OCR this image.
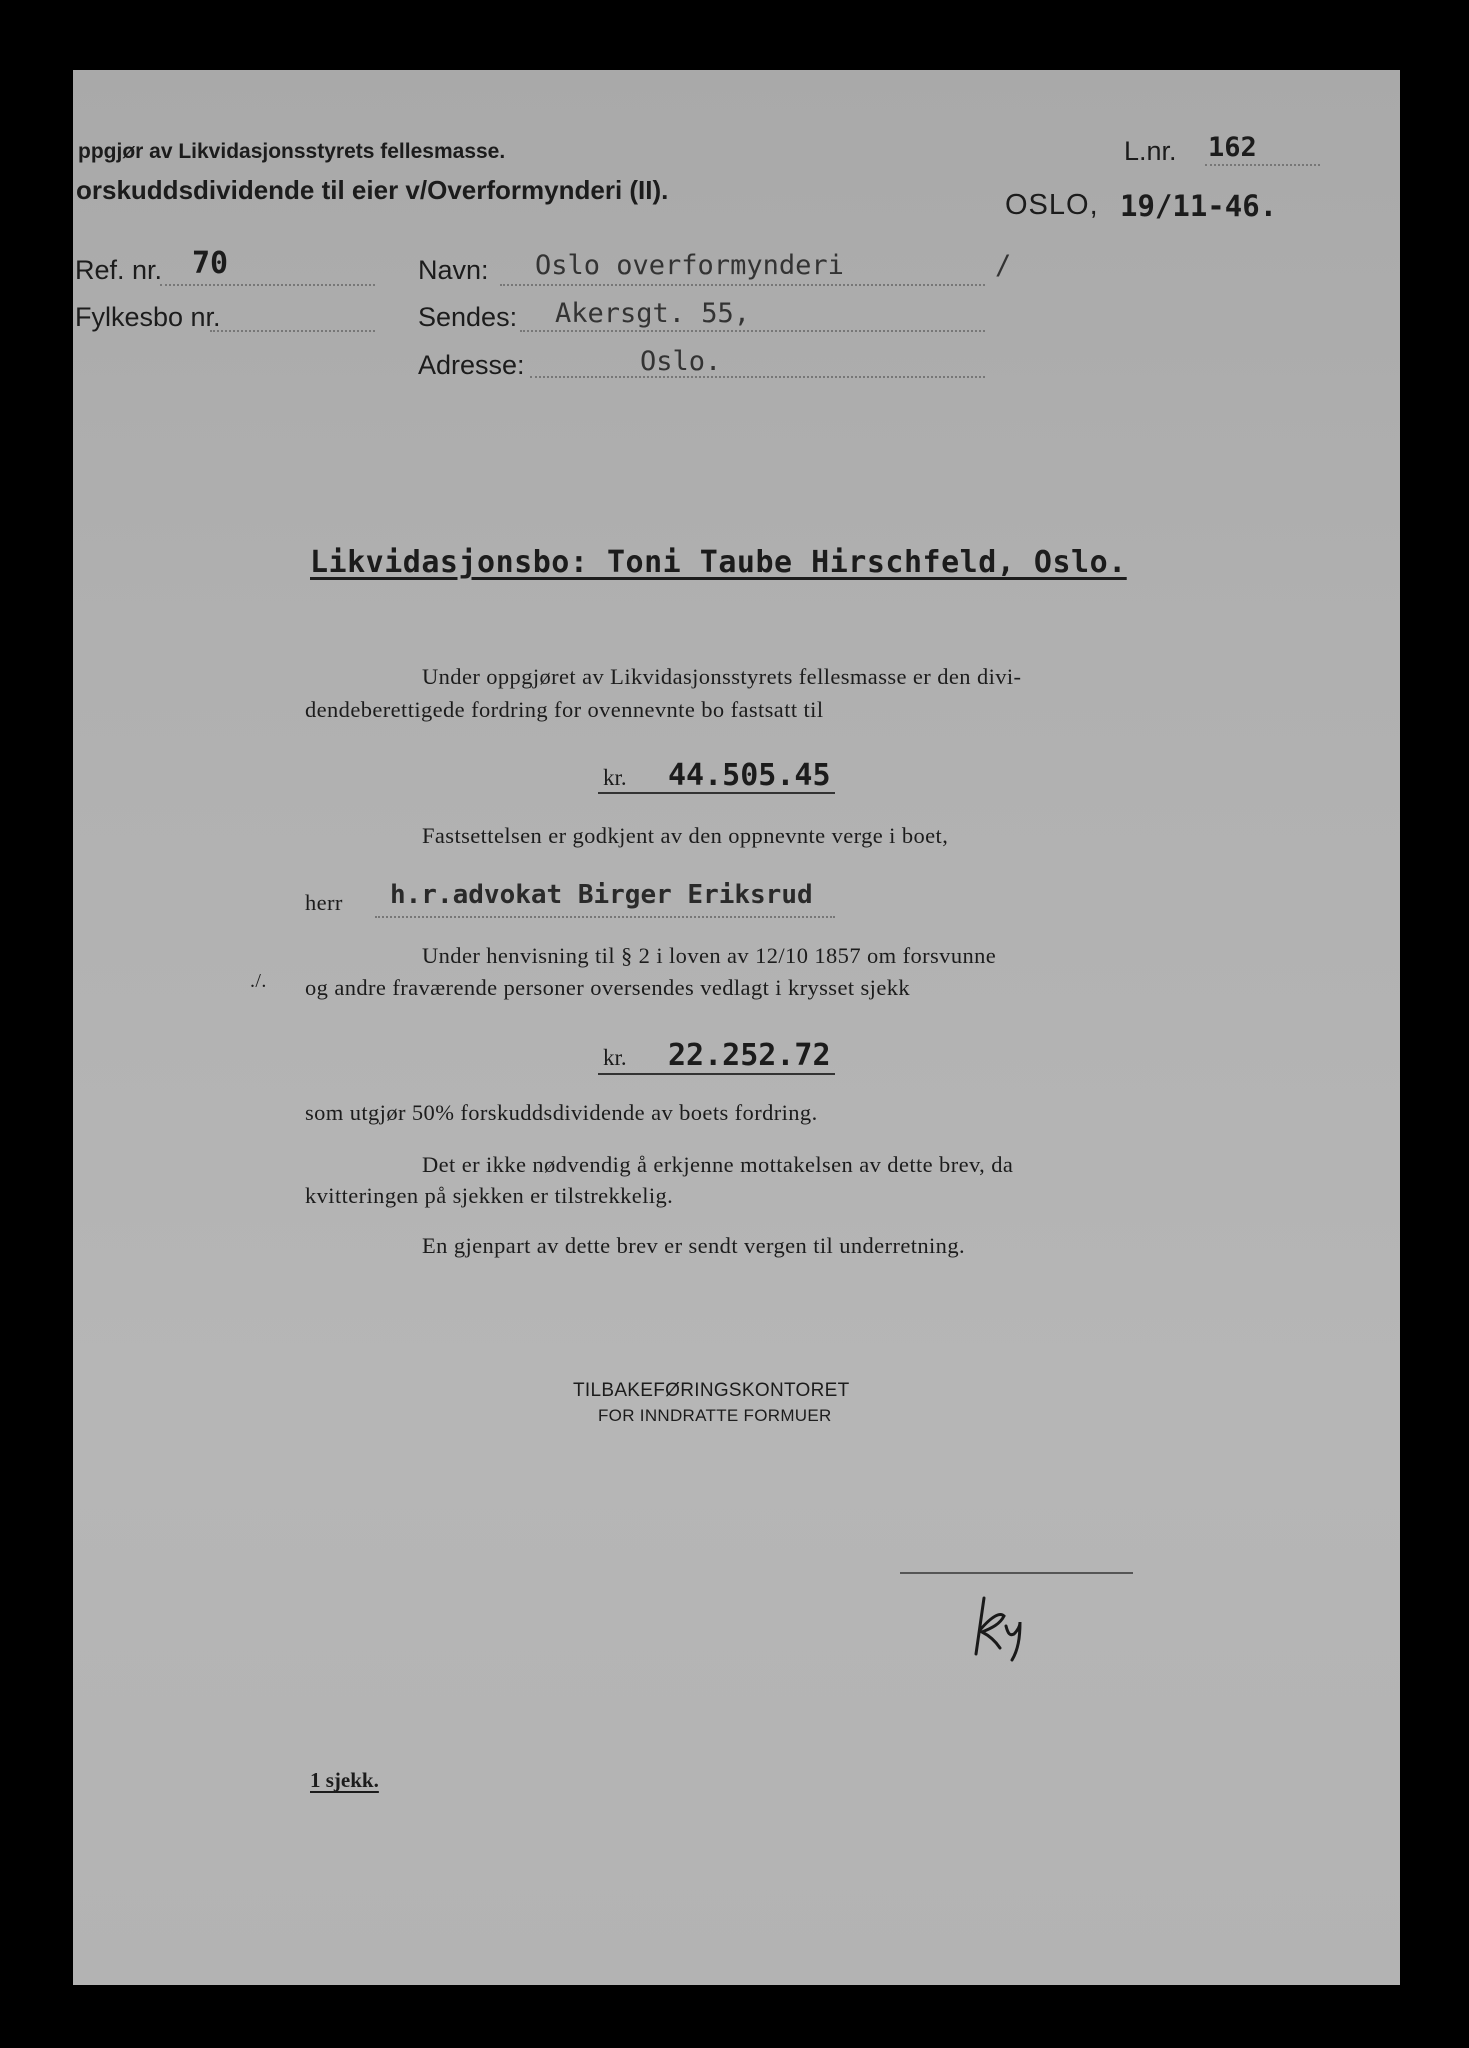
ppgjør av Likvidasjonsstyrets fellesmasse.
orskuddsdividende til eier v/Overformynderi (II).
L.nr. 162
OSLO, 19/11-46.
Ref. nr. 70
Fylkesbo nr.
Navn: Oslo overformynderi	/
Sendes: Akersgt. 55,
Adresse:	Oslo.
Likvidasjonsbo: Toni Taube Hirschfeld, Oslo.
Under oppgjøret av Likvidasjonsstyrets fellesmasse er den divi-
dendeberettigede fordring for ovennevnte bo fastsatt til
kr. 44.505.45
Fastsettelsen er godkjent av den oppnevnte verge i boet,
herr h.r.advokat Birger Eriksrud
Under henvisning til § 2 i loven av 12/10 1857 om forsvunne
./. og andre fraværende personer oversendes vedlagt i krysset sjekk
kr. 22.252.72
som utgjør 50% forskuddsdividende av boets fordring.
Det er ikke nødvendig å erkjenne mottakelsen av dette brev, da
kvitteringen på sjekken er tilstrekkelig.
En gjenpart av dette brev er sendt vergen til underretning.
TILBAKEFØRINGSKONTORET
FOR INNDRATTE FORMUER
1 sjekk.
